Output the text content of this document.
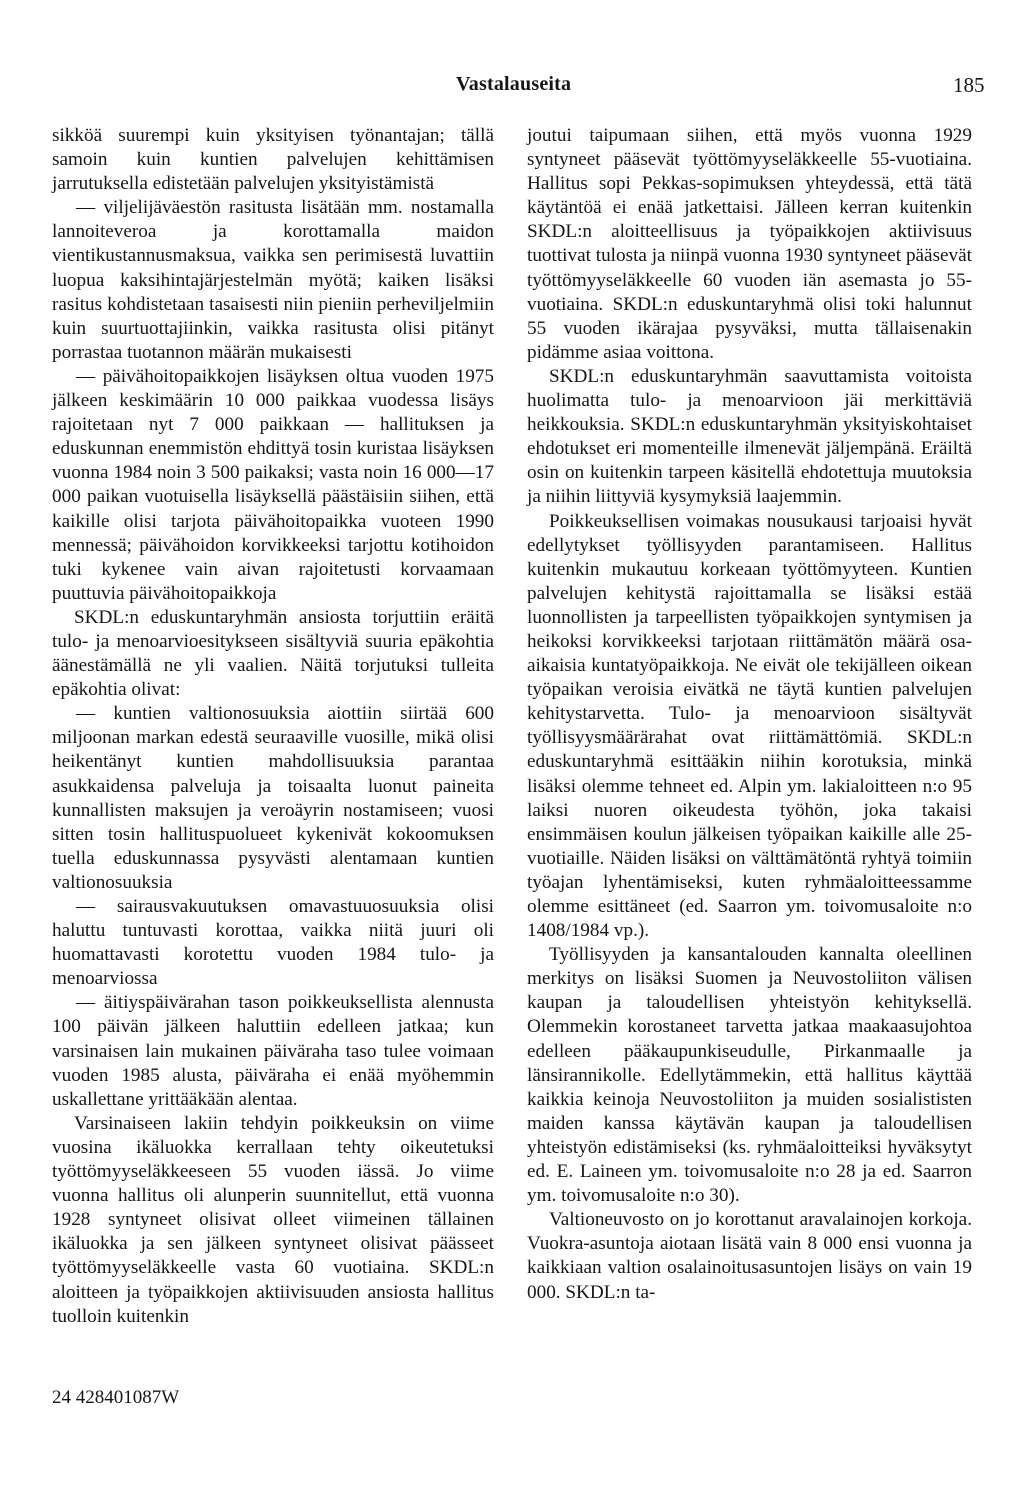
Vastalauseita	185

sikköä suurempi kuin yksityisen työnantajan; tällä samoin kuin kuntien palvelujen kehittämisen jarrutuksella edistetään palvelujen yksityistämistä

— viljelijäväestön rasitusta lisätään mm. nostamalla lannoiteveroa ja korottamalla maidon vientikustannusmaksua, vaikka sen perimisestä luvattiin luopua kaksihintajärjestelmän myötä; kaiken lisäksi rasitus kohdistetaan tasaisesti niin pieniin perheviljelmiin kuin suurtuottajiinkin, vaikka rasitusta olisi pitänyt porrastaa tuotannon määrän mukaisesti

— päivähoitopaikkojen lisäyksen oltua vuoden 1975 jälkeen keskimäärin 10 000 paikkaa vuodessa lisäys rajoitetaan nyt 7 000 paikkaan — hallituksen ja eduskunnan enemmistön ehdittyä tosin kuristaa lisäyksen vuonna 1984 noin 3 500 paikaksi; vasta noin 16 000—17 000 paikan vuotuisella lisäyksellä päästäisiin siihen, että kaikille olisi tarjota päivähoitopaikka vuoteen 1990 mennessä; päivähoidon korvikkeeksi tarjottu kotihoidon tuki kykenee vain aivan rajoitetusti korvaamaan puuttuvia päivähoitopaikkoja

SKDL:n eduskuntaryhmän ansiosta torjuttiin eräitä tulo- ja menoarvioesitykseen sisältyviä suuria epäkohtia äänestämällä ne yli vaalien. Näitä torjutuksi tulleita epäkohtia olivat:

— kuntien valtionosuuksia aiottiin siirtää 600 miljoonan markan edestä seuraaville vuosille, mikä olisi heikentänyt kuntien mahdollisuuksia parantaa asukkaidensa palveluja ja toisaalta luonut paineita kunnallisten maksujen ja veroäyrin nostamiseen; vuosi sitten tosin hallituspuolueet kykenivät kokoomuksen tuella eduskunnassa pysyvästi alentamaan kuntien valtionosuuksia

— sairausvakuutuksen omavastuuosuuksia olisi haluttu tuntuvasti korottaa, vaikka niitä juuri oli huomattavasti korotettu vuoden 1984 tulo- ja menoarviossa

— äitiyspäivärahan tason poikkeuksellista alennusta 100 päivän jälkeen haluttiin edelleen jatkaa; kun varsinaisen lain mukainen päiväraha taso tulee voimaan vuoden 1985 alusta, päiväraha ei enää myöhemmin uskallettane yrittääkään alentaa.

Varsinaiseen lakiin tehdyin poikkeuksin on viime vuosina ikäluokka kerrallaan tehty oikeutetuksi työttömyyseläkkeeseen 55 vuoden iässä. Jo viime vuonna hallitus oli alunperin suunnitellut, että vuonna 1928 syntyneet olisivat olleet viimeinen tällainen ikäluokka ja sen jälkeen syntyneet olisivat päässeet työttömyyseläkkeelle vasta 60 vuotiaina. SKDL:n aloitteen ja työpaikkojen aktiivisuuden ansiosta hallitus tuolloin kuitenkin

joutui taipumaan siihen, että myös vuonna 1929 syntyneet pääsevät työttömyyseläkkeelle 55-vuotiaina. Hallitus sopi Pekkas-sopimuksen yhteydessä, että tätä käytäntöä ei enää jatkettaisi. Jälleen kerran kuitenkin SKDL:n aloitteellisuus ja työpaikkojen aktiivisuus tuottivat tulosta ja niinpä vuonna 1930 syntyneet pääsevät työttömyyseläkkeelle 60 vuoden iän asemasta jo 55-vuotiaina. SKDL:n eduskuntaryhmä olisi toki halunnut 55 vuoden ikärajaa pysyväksi, mutta tällaisenakin pidämme asiaa voittona.

SKDL:n eduskuntaryhmän saavuttamista voitoista huolimatta tulo- ja menoarvioon jäi merkittäviä heikkouksia. SKDL:n eduskuntaryhmän yksityiskohtaiset ehdotukset eri momenteille ilmenevät jäljempänä. Eräiltä osin on kuitenkin tarpeen käsitellä ehdotettuja muutoksia ja niihin liittyviä kysymyksiä laajemmin.

Poikkeuksellisen voimakas nousukausi tarjoaisi hyvät edellytykset työllisyyden parantamiseen. Hallitus kuitenkin mukautuu korkeaan työttömyyteen. Kuntien palvelujen kehitystä rajoittamalla se lisäksi estää luonnollisten ja tarpeellisten työpaikkojen syntymisen ja heikoksi korvikkeeksi tarjotaan riittämätön määrä osa-aikaisia kuntatyöpaikkoja. Ne eivät ole tekijälleen oikean työpaikan veroisia eivätkä ne täytä kuntien palvelujen kehitystarvetta. Tulo- ja menoarvioon sisältyvät työllisyysmäärärahat ovat riittämättömiä. SKDL:n eduskuntaryhmä esittääkin niihin korotuksia, minkä lisäksi olemme tehneet ed. Alpin ym. lakialoitteen n:o 95 laiksi nuoren oikeudesta työhön, joka takaisi ensimmäisen koulun jälkeisen työpaikan kaikille alle 25-vuotiaille. Näiden lisäksi on välttämätöntä ryhtyä toimiin työajan lyhentämiseksi, kuten ryhmäaloitteessamme olemme esittäneet (ed. Saarron ym. toivomusaloite n:o 1408/1984 vp.).

Työllisyyden ja kansantalouden kannalta oleellinen merkitys on lisäksi Suomen ja Neuvostoliiton välisen kaupan ja taloudellisen yhteistyön kehityksellä. Olemmekin korostaneet tarvetta jatkaa maakaasujohtoa edelleen pääkaupunkiseudulle, Pirkanmaalle ja länsirannikolle. Edellytämmekin, että hallitus käyttää kaikkia keinoja Neuvostoliiton ja muiden sosialististen maiden kanssa käytävän kaupan ja taloudellisen yhteistyön edistämiseksi (ks. ryhmäaloitteiksi hyväksytyt ed. E. Laineen ym. toivomusaloite n:o 28 ja ed. Saarron ym. toivomusaloite n:o 30).

Valtioneuvosto on jo korottanut aravalainojen korkoja. Vuokra-asuntoja aiotaan lisätä vain 8 000 ensi vuonna ja kaikkiaan valtion osalainoitusasuntojen lisäys on vain 19 000. SKDL:n ta-

24 428401087W
